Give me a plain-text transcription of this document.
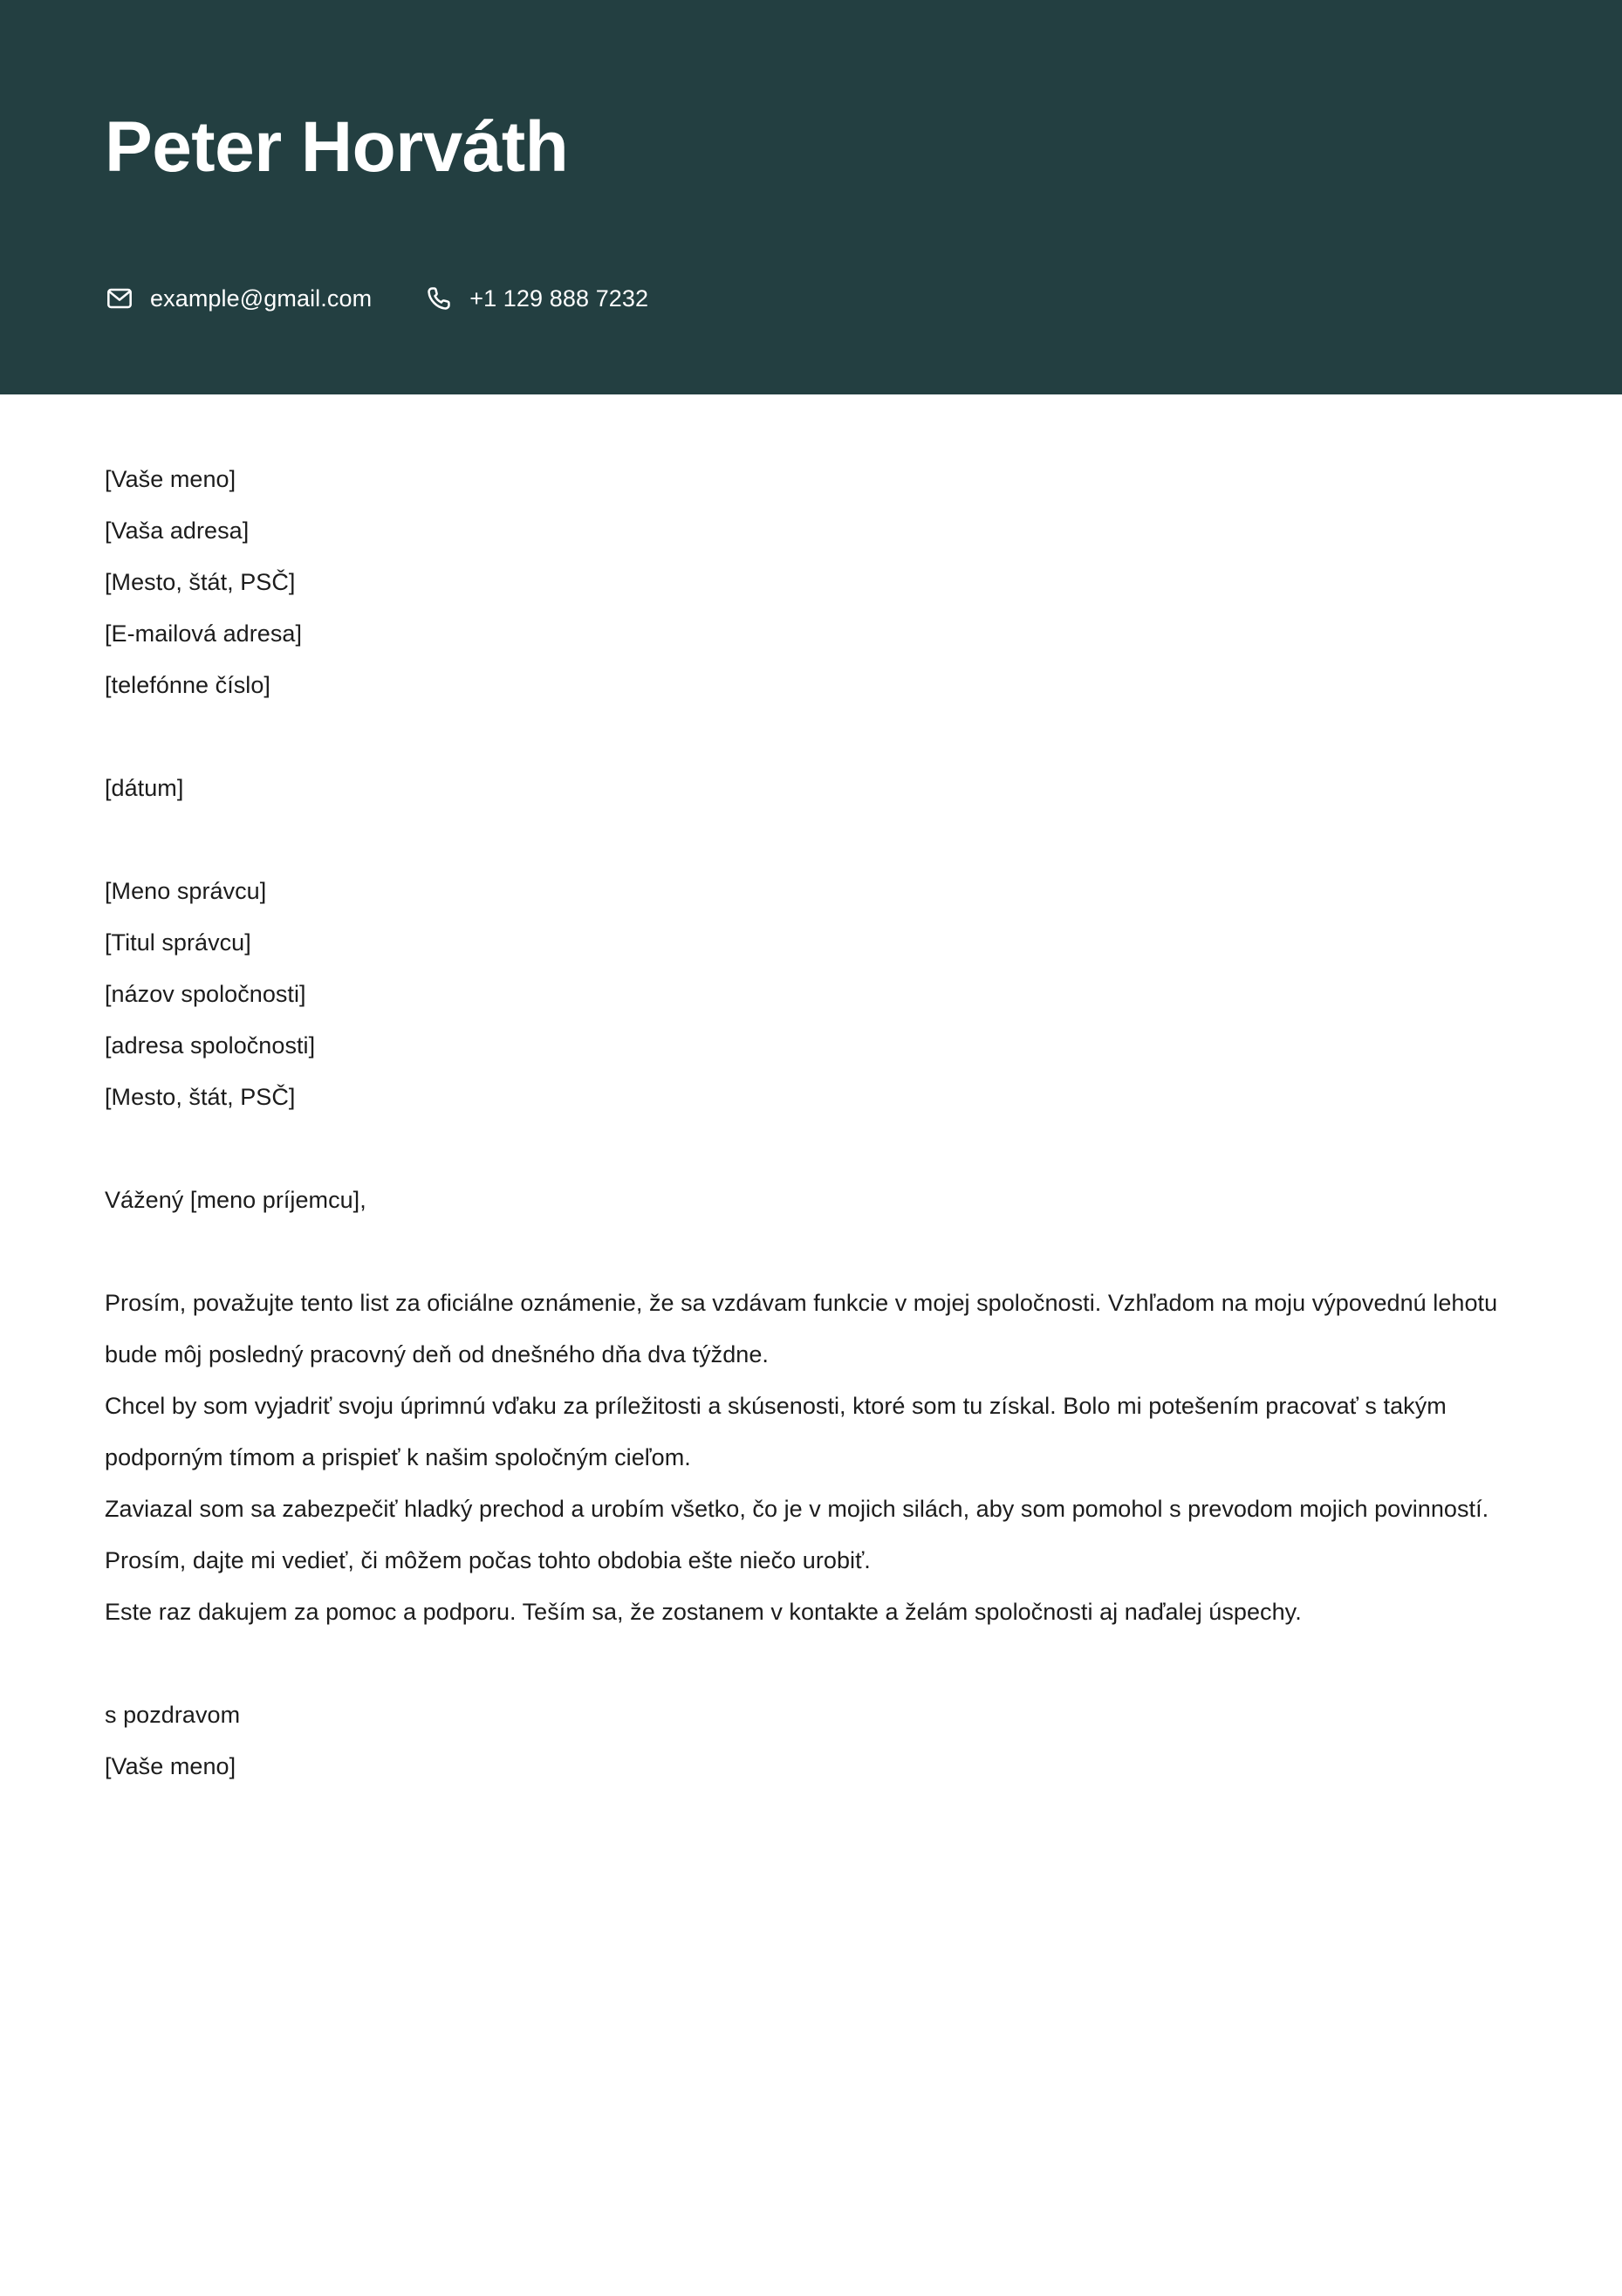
Peter Horváth
example@gmail.com	+1 129 888 7232
[Vaše meno]
[Vaša adresa]
[Mesto, štát, PSČ]
[E-mailová adresa]
[telefónne číslo]
[dátum]
[Meno správcu]
[Titul správcu]
[názov spoločnosti]
[adresa spoločnosti]
[Mesto, štát, PSČ]
Vážený [meno príjemcu],

Prosím, považujte tento list za oficiálne oznámenie, že sa vzdávam funkcie v mojej spoločnosti. Vzhľadom na moju výpovednú lehotu bude môj posledný pracovný deň od dnešného dňa dva týždne.

Chcel by som vyjadriť svoju úprimnú vďaku za príležitosti a skúsenosti, ktoré som tu získal. Bolo mi potešením pracovať s takým podporným tímom a prispieť k našim spoločným cieľom.

Zaviazal som sa zabezpečiť hladký prechod a urobím všetko, čo je v mojich silách, aby som pomohol s prevodom mojich povinností. Prosím, dajte mi vedieť, či môžem počas tohto obdobia ešte niečo urobiť.

Este raz dakujem za pomoc a podporu. Teším sa, že zostanem v kontakte a želám spoločnosti aj naďalej úspechy.

s pozdravom
[Vaše meno]
